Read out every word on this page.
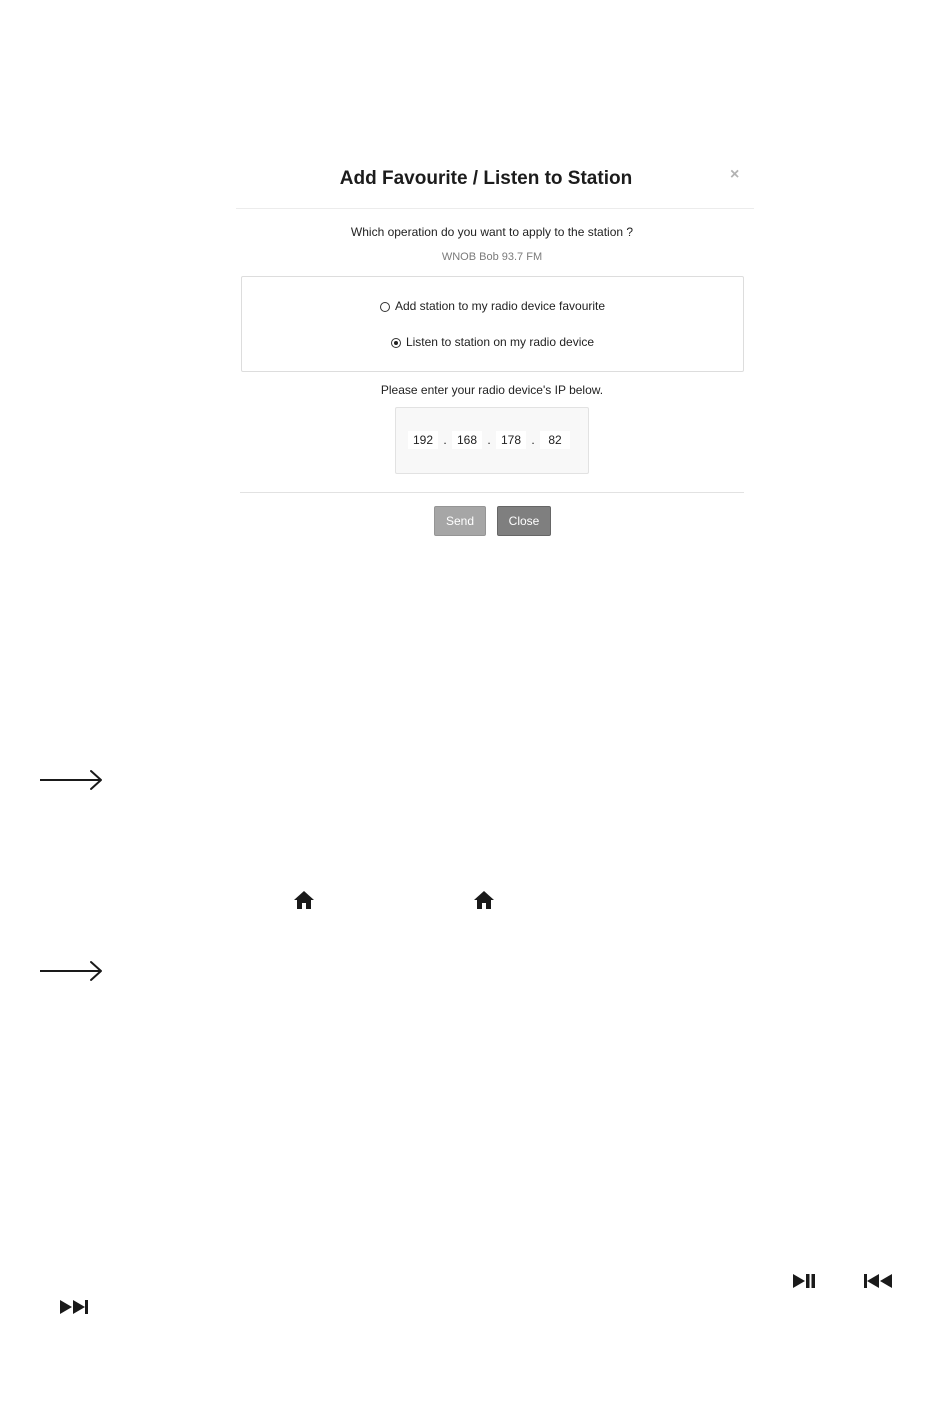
Add Favourite / Listen to Station	×
Which operation do you want to apply to the station ?
WNOB Bob 93.7 FM
Add station to my radio device favourite
Listen to station on my radio device
Please enter your radio device's IP below.
192
.
168	.
178	.
82
Send	Close
